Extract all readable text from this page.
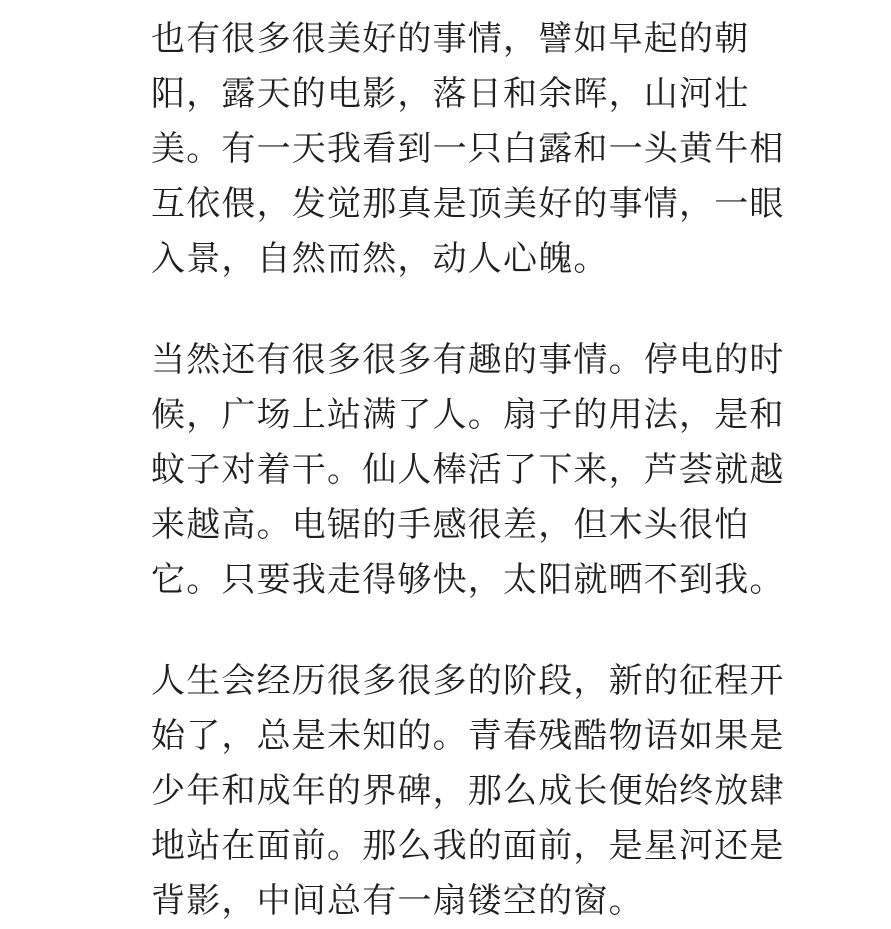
也有很多很美好的事情，譬如早起的朝
阳，露天的电影，落日和余晖，山河壮
美。有一天我看到一只白露和一头黄牛相
互依偎，发觉那真是顶美好的事情，一眼
入景，自然而然，动人心魄。

当然还有很多很多有趣的事情。停电的时
候，广场上站满了人。扇子的用法，是和
蚊子对着干。仙人棒活了下来，芦荟就越
来越高。电锯的手感很差，但木头很怕
它。只要我走得够快，太阳就晒不到我。

人生会经历很多很多的阶段，新的征程开
始了，总是未知的。青春残酷物语如果是
少年和成年的界碑，那么成长便始终放肆
地站在面前。那么我的面前，是星河还是
背影，中间总有一扇镂空的窗。
